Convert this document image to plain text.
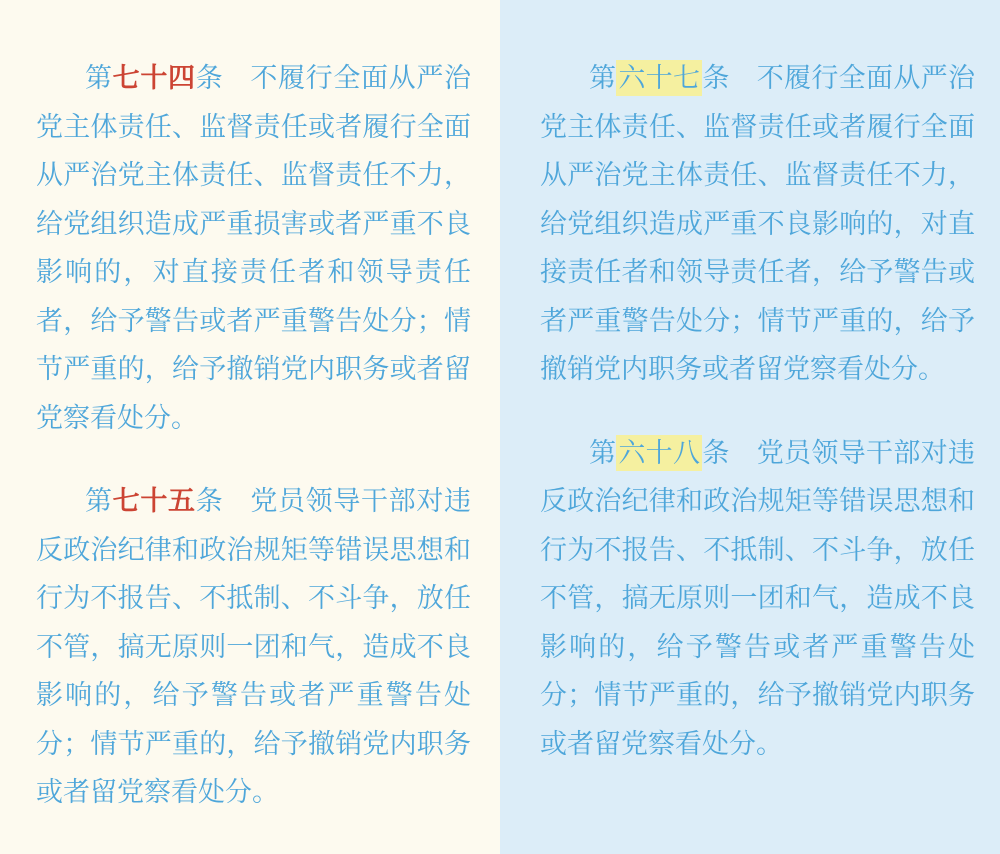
第七十四条 不履行全面从严治党主体责任、监督责任或者履行全面从严治党主体责任、监督责任不力，给党组织造成严重损害或者严重不良影响的，对直接责任者和领导责任者，给予警告或者严重警告处分；情节严重的，给予撤销党内职务或者留党察看处分。

第七十五条 党员领导干部对违反政治纪律和政治规矩等错误思想和行为不报告、不抵制、不斗争，放任不管，搞无原则一团和气，造成不良影响的，给予警告或者严重警告处分；情节严重的，给予撤销党内职务或者留党察看处分。

第六十七条 不履行全面从严治党主体责任、监督责任或者履行全面从严治党主体责任、监督责任不力，给党组织造成严重不良影响的，对直接责任者和领导责任者，给予警告或者严重警告处分；情节严重的，给予撤销党内职务或者留党察看处分。

第六十八条 党员领导干部对违反政治纪律和政治规矩等错误思想和行为不报告、不抵制、不斗争，放任不管，搞无原则一团和气，造成不良影响的，给予警告或者严重警告处分；情节严重的，给予撤销党内职务或者留党察看处分。
